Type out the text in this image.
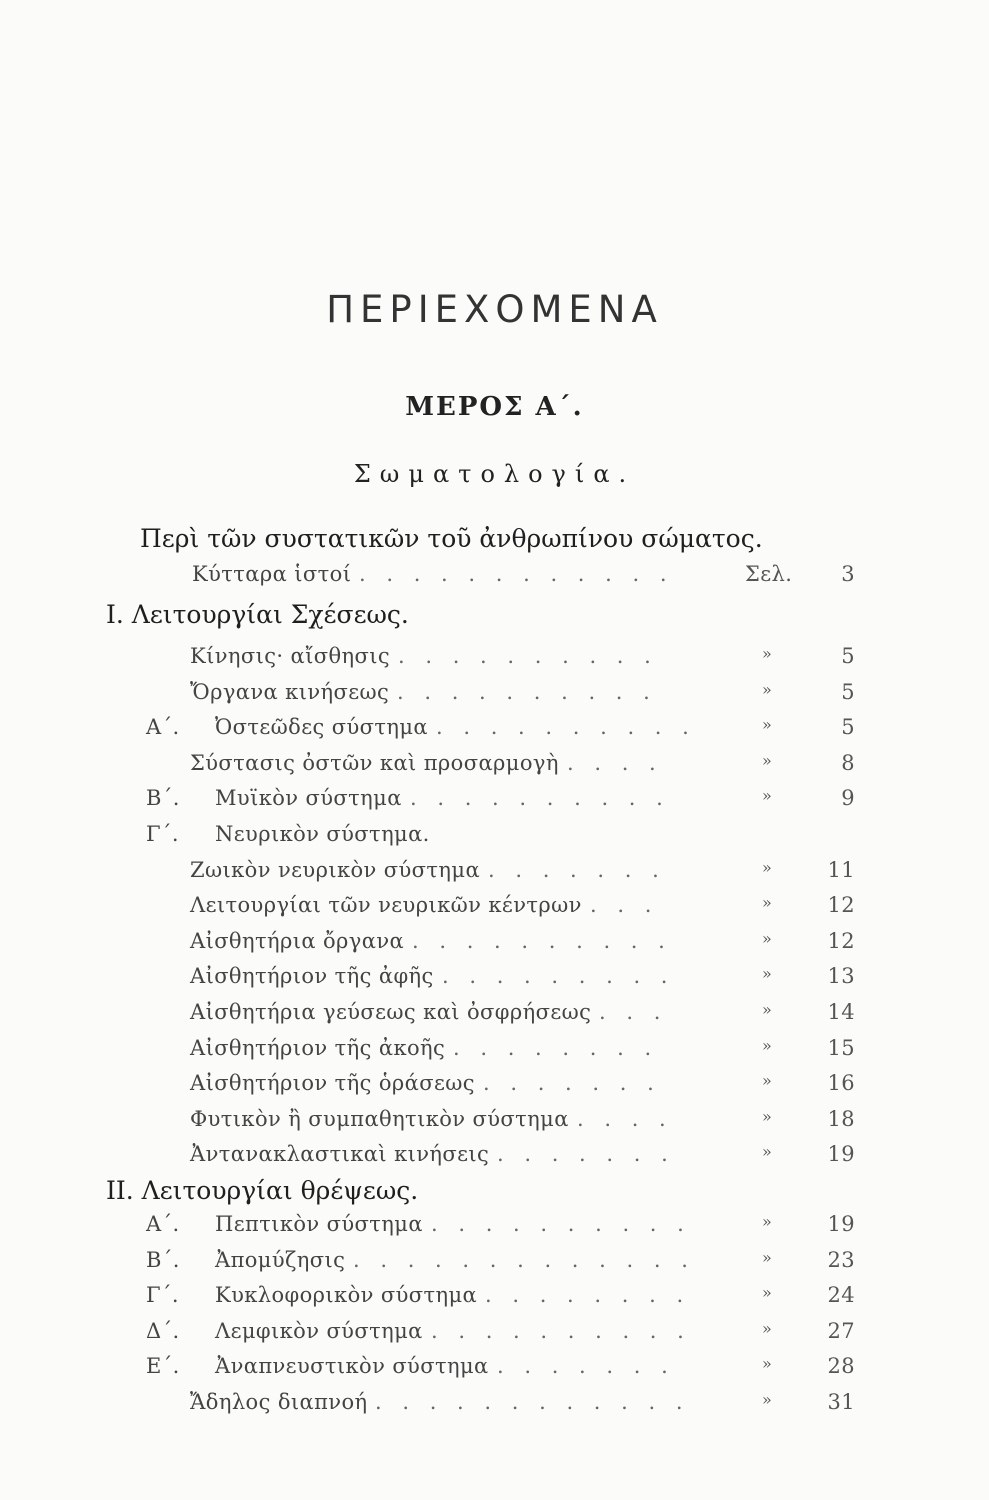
ΠΕΡΙΕΧΟΜΕΝΑ
ΜΕΡΟΣ Α΄.
Σωματολογία.
Περὶ τῶν συστατικῶν τοῦ ἀνθρωπίνου σώματος.
Κύτταρα ἱστοί . . . . . . . . . . . .	Σελ.	3
I. Λειτουργίαι Σχέσεως.
Κίνησις· αἴσθησις . . . . . . . . . .	»	5
Ὄργανα κινήσεως . . . . . . . . . .	»	5
Α΄. Ὀστεῶδες σύστημα . . . . . . . . . .	»	5
Σύστασις ὀστῶν καὶ προσαρμογὴ . . . .	»	8
Β΄. Μυϊκὸν σύστημα . . . . . . . . . .	»	9
Γ΄. Νευρικὸν σύστημα.
Ζωικὸν νευρικὸν σύστημα . . . . . . .	»	11
Λειτουργίαι τῶν νευρικῶν κέντρων . . .	»	12
Αἰσθητήρια ὄργανα . . . . . . . . . .	»	12
Αἰσθητήριον τῆς ἀφῆς . . . . . . . . .	»	13
Αἰσθητήρια γεύσεως καὶ ὀσφρήσεως . . .	»	14
Αἰσθητήριον τῆς ἀκοῆς . . . . . . . .	»	15
Αἰσθητήριον τῆς ὁράσεως . . . . . . .	»	16
Φυτικὸν ἢ συμπαθητικὸν σύστημα . . . .	»	18
Ἀντανακλαστικαὶ κινήσεις . . . . . . .	»	19
II. Λειτουργίαι θρέψεως.
Α΄. Πεπτικὸν σύστημα . . . . . . . . . .	»	19
Β΄. Ἀπομύζησις . . . . . . . . . . . . .	»	23
Γ΄. Κυκλοφορικὸν σύστημα . . . . . . . .	»	24
Δ΄. Λεμφικὸν σύστημα . . . . . . . . . .	»	27
Ε΄. Ἀναπνευστικὸν σύστημα . . . . . . .	»	28
Ἄδηλος διαπνοή . . . . . . . . . . . .	»	31
